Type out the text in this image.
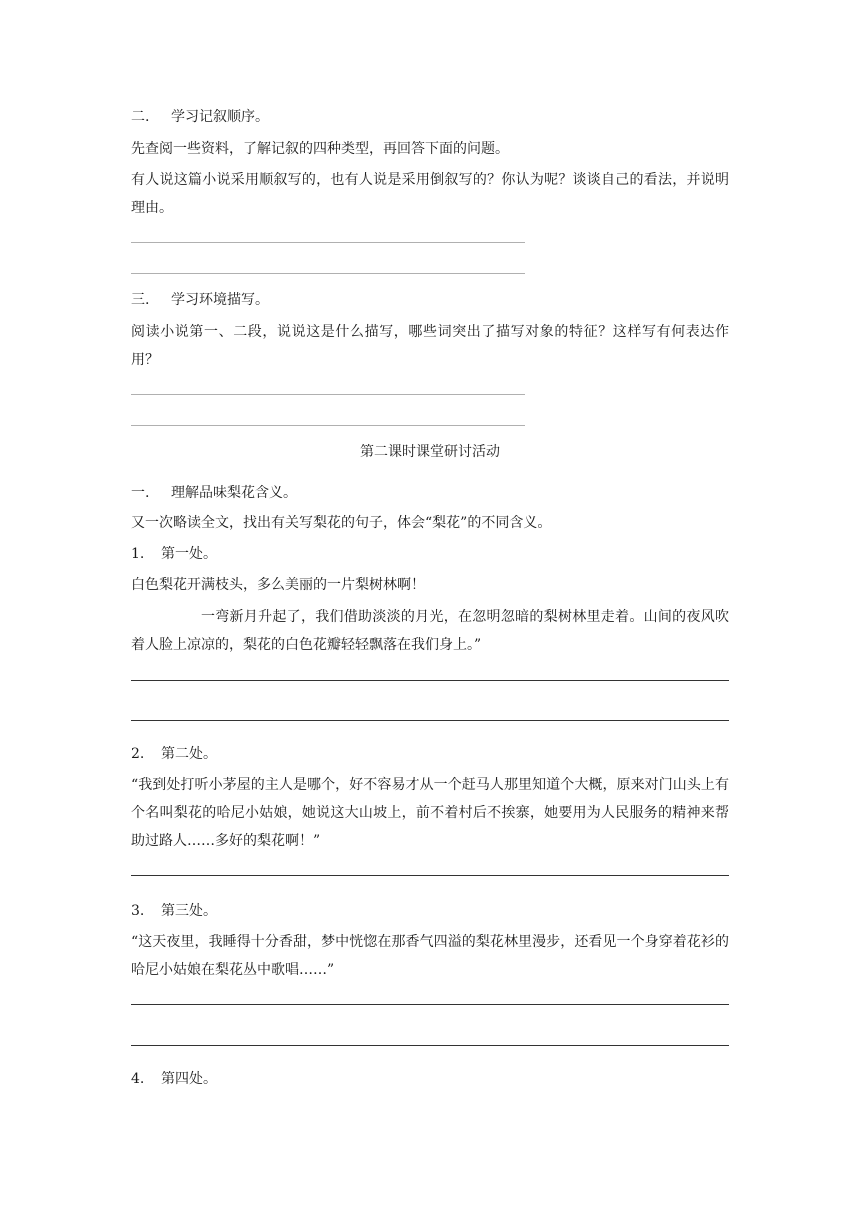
二. 学习记叙顺序。
先查阅一些资料，了解记叙的四种类型，再回答下面的问题。
有人说这篇小说采用顺叙写的，也有人说是采用倒叙写的？你认为呢？谈谈自己的看法，并说明理由。
三. 学习环境描写。
阅读小说第一、二段，说说这是什么描写，哪些词突出了描写对象的特征？这样写有何表达作用？
第二课时课堂研讨活动
一. 理解品味梨花含义。
又一次略读全文，找出有关写梨花的句子，体会“梨花”的不同含义。
1. 第一处。
白色梨花开满枝头，多么美丽的一片梨树林啊！
一弯新月升起了，我们借助淡淡的月光，在忽明忽暗的梨树林里走着。山间的夜风吹着人脸上凉凉的，梨花的白色花瓣轻轻飘落在我们身上。”
2. 第二处。
“我到处打听小茅屋的主人是哪个，好不容易才从一个赶马人那里知道个大概，原来对门山头上有个名叫梨花的哈尼小姑娘，她说这大山坡上，前不着村后不挨寨，她要用为人民服务的精神来帮助过路人……多好的梨花啊！”
3. 第三处。
“这天夜里，我睡得十分香甜，梦中恍惚在那香气四溢的梨花林里漫步，还看见一个身穿着花衫的哈尼小姑娘在梨花丛中歌唱……”
4. 第四处。
